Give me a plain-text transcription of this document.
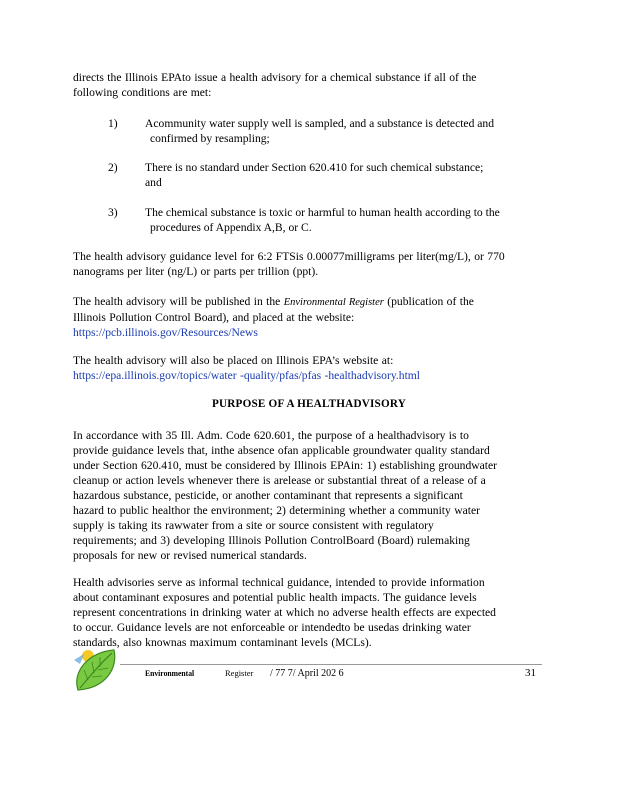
directs the Illinois EPAto issue a health advisory for a chemical substance if all of the
following conditions are met:
1) Acommunity water supply well is sampled, and a substance is detected and
confirmed by resampling;
2) There is no standard under Section 620.410 for such chemical substance;
and
3) The chemical substance is toxic or harmful to human health according to the
procedures of Appendix A,B, or C.
The health advisory guidance level for 6:2 FTSis 0.00077milligrams per liter(mg/L), or 770
nanograms per liter (ng/L) or parts per trillion (ppt).
The health advisory will be published in the Environmental Register (publication of the
Illinois Pollution Control Board), and placed at the website:
https://pcb.illinois.gov/Resources/News
The health advisory will also be placed on Illinois EPA’s website at:
https://epa.illinois.gov/topics/water -quality/pfas/pfas -healthadvisory.html
PURPOSE OF A HEALTHADVISORY
In accordance with 35 Ill. Adm. Code 620.601, the purpose of a healthadvisory is to
provide guidance levels that, inthe absence ofan applicable groundwater quality standard
under Section 620.410, must be considered by Illinois EPAin: 1) establishing groundwater
cleanup or action levels whenever there is arelease or substantial threat of a release of a
hazardous substance, pesticide, or another contaminant that represents a significant
hazard to public healthor the environment; 2) determining whether a community water
supply is taking its rawwater from a site or source consistent with regulatory
requirements; and 3) developing Illinois Pollution ControlBoard (Board) rulemaking
proposals for new or revised numerical standards.
Health advisories serve as informal technical guidance, intended to provide information
about contaminant exposures and potential public health impacts. The guidance levels
represent concentrations in drinking water at which no adverse health effects are expected
to occur. Guidance levels are not enforceable or intendedto be usedas drinking water
standards, also knownas maximum contaminant levels (MCLs).
Environmental	Register / 77 7/ April 202 6	31
